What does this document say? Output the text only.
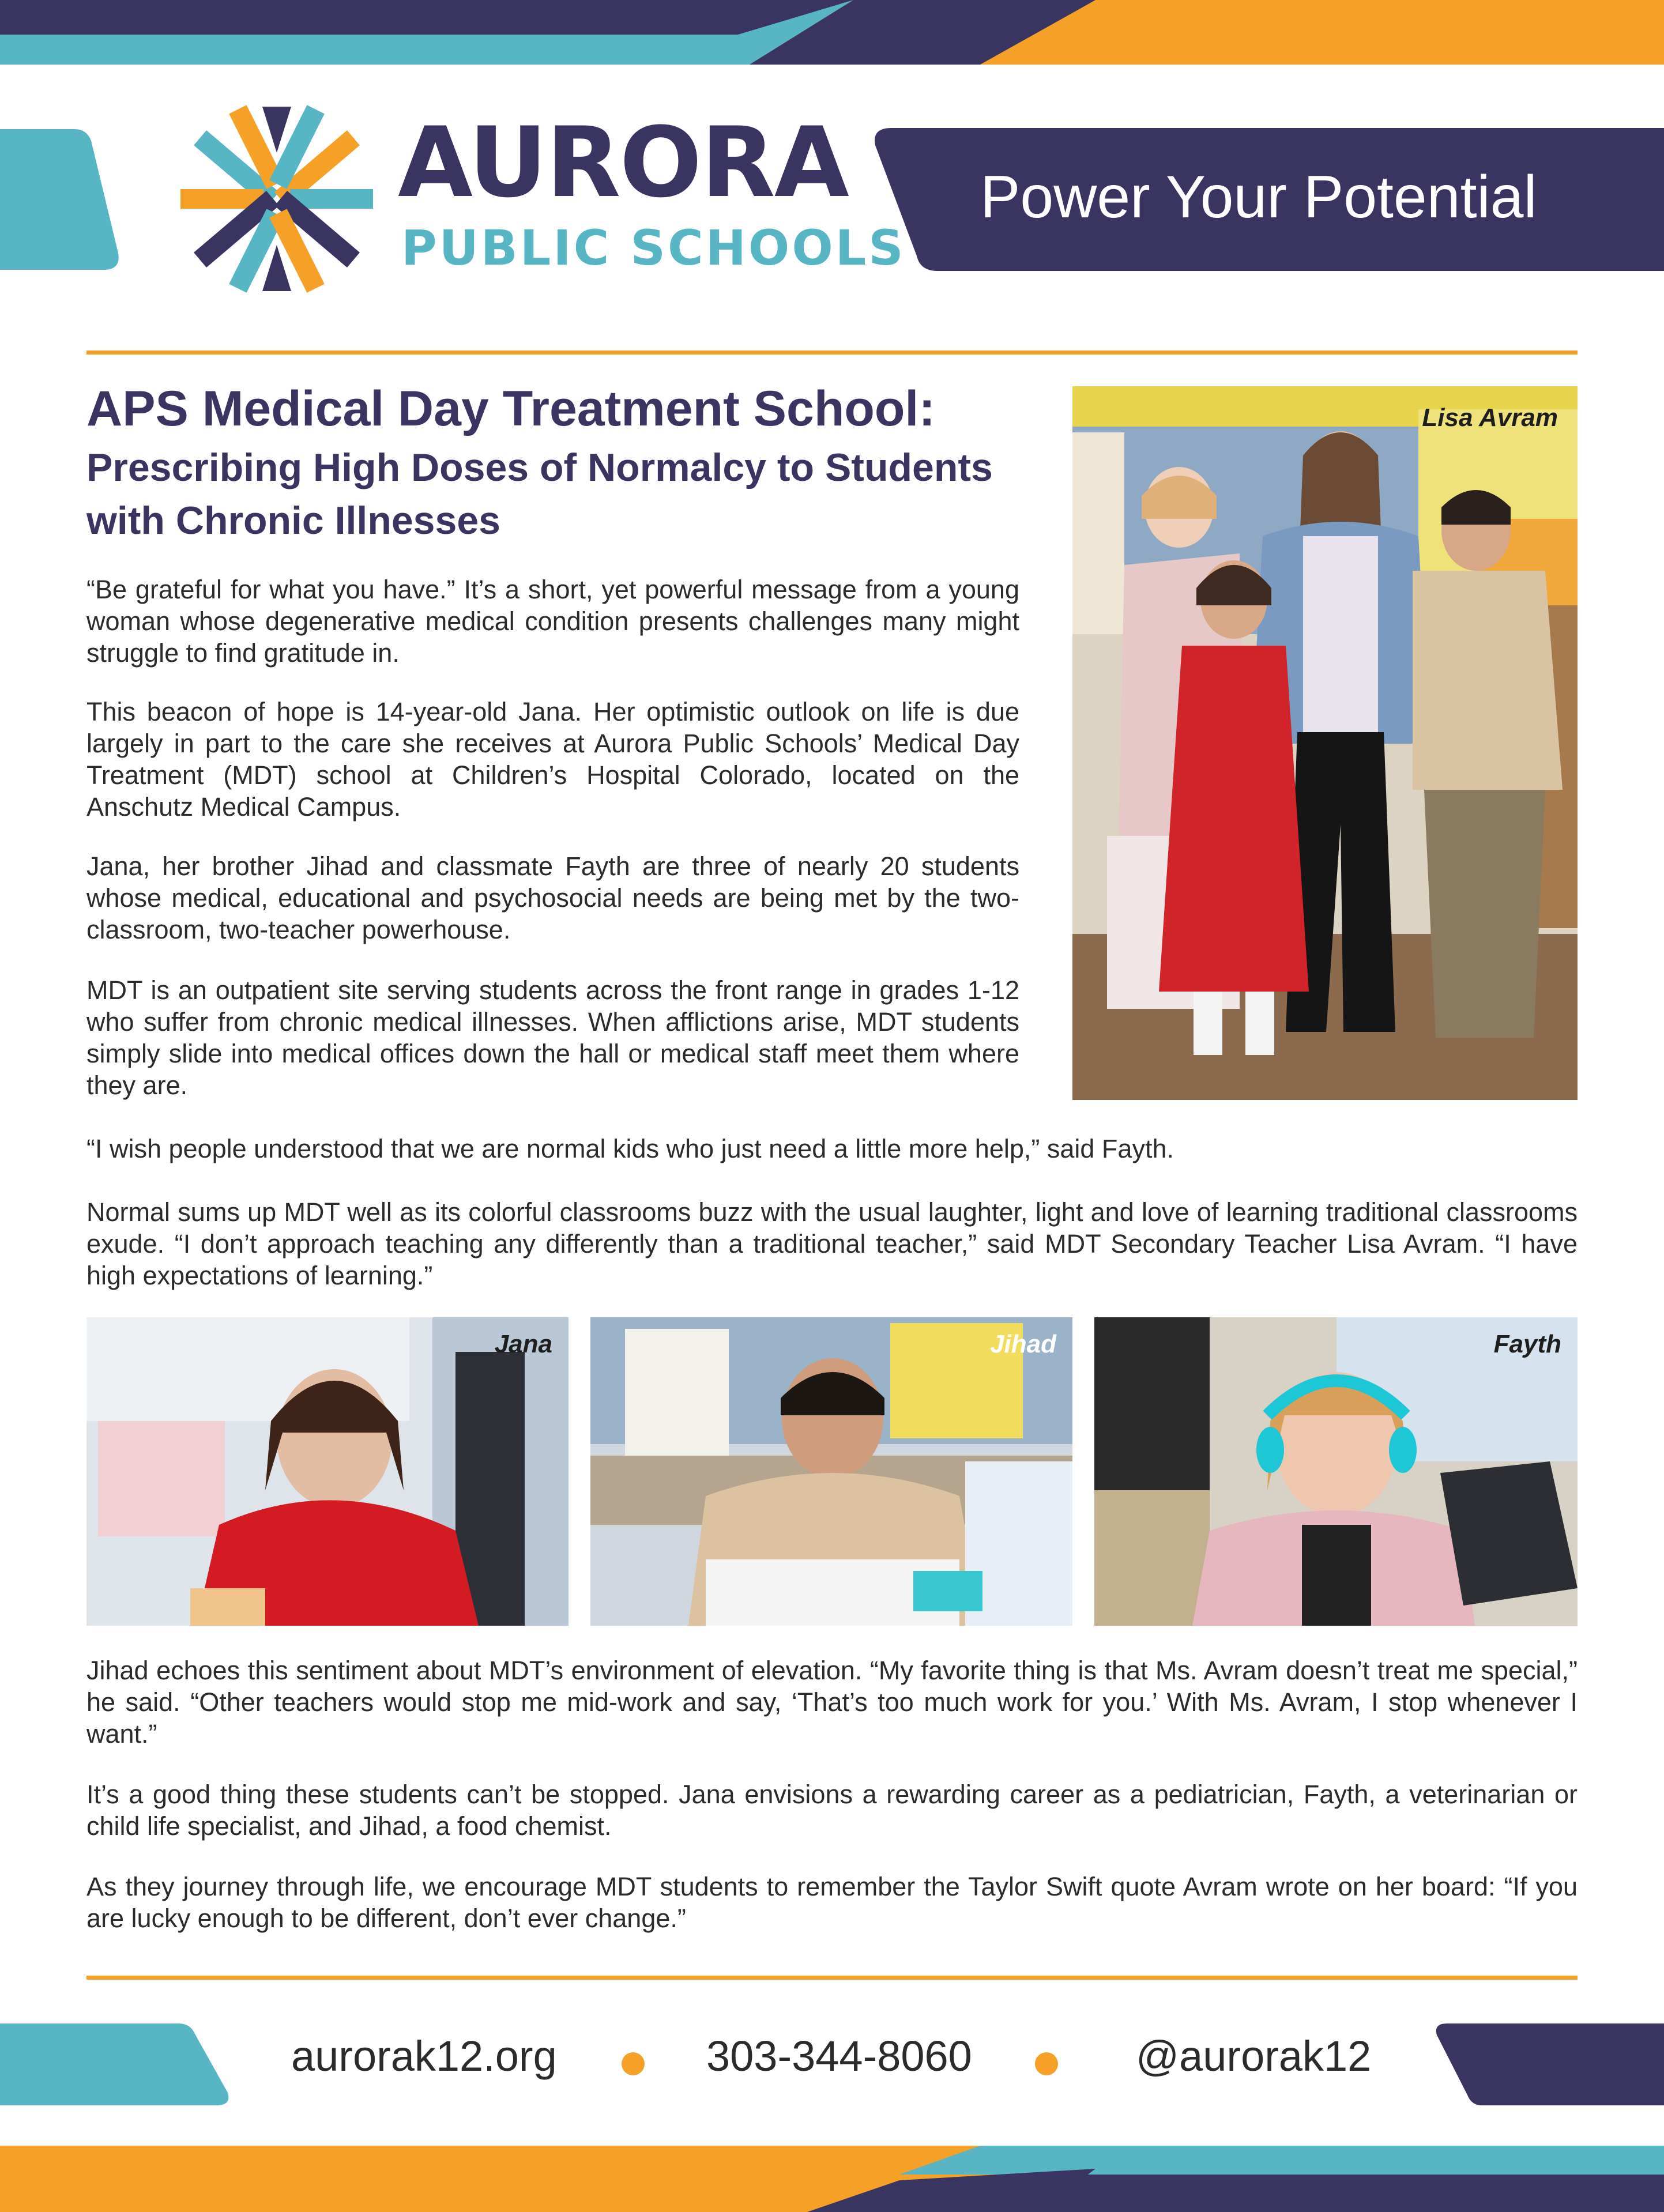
AURORA
PUBLIC SCHOOLS
Power Your Potential
APS Medical Day Treatment School:
Prescribing High Doses of Normalcy to Students with Chronic Illnesses

“Be grateful for what you have.” It’s a short, yet powerful message from a young woman whose degenerative medical condition presents challenges many might struggle to find gratitude in.

This beacon of hope is 14-year-old Jana. Her optimistic outlook on life is due largely in part to the care she receives at Aurora Public Schools’ Medical Day Treatment (MDT) school at Children’s Hospital Colorado, located on the Anschutz Medical Campus.

Jana, her brother Jihad and classmate Fayth are three of nearly 20 students whose medical, educational and psychosocial needs are being met by the two-classroom, two-teacher powerhouse.

MDT is an outpatient site serving students across the front range in grades 1-12 who suffer from chronic medical illnesses. When afflictions arise, MDT students simply slide into medical offices down the hall or medical staff meet them where they are.

“I wish people understood that we are normal kids who just need a little more help,” said Fayth.

Normal sums up MDT well as its colorful classrooms buzz with the usual laughter, light and love of learning traditional classrooms exude. “I don’t approach teaching any differently than a traditional teacher,” said MDT Secondary Teacher Lisa Avram. “I have high expectations of learning.”

Jihad echoes this sentiment about MDT’s environment of elevation. “My favorite thing is that Ms. Avram doesn’t treat me special,” he said. “Other teachers would stop me mid-work and say, ‘That’s too much work for you.’ With Ms. Avram, I stop whenever I want.”

It’s a good thing these students can’t be stopped. Jana envisions a rewarding career as a pediatrician, Fayth, a veterinarian or child life specialist, and Jihad, a food chemist.

As they journey through life, we encourage MDT students to remember the Taylor Swift quote Avram wrote on her board: “If you are lucky enough to be different, don’t ever change.”

Lisa Avram
Jana	Jihad	Fayth
aurorak12.org	303-344-8060	@aurorak12
